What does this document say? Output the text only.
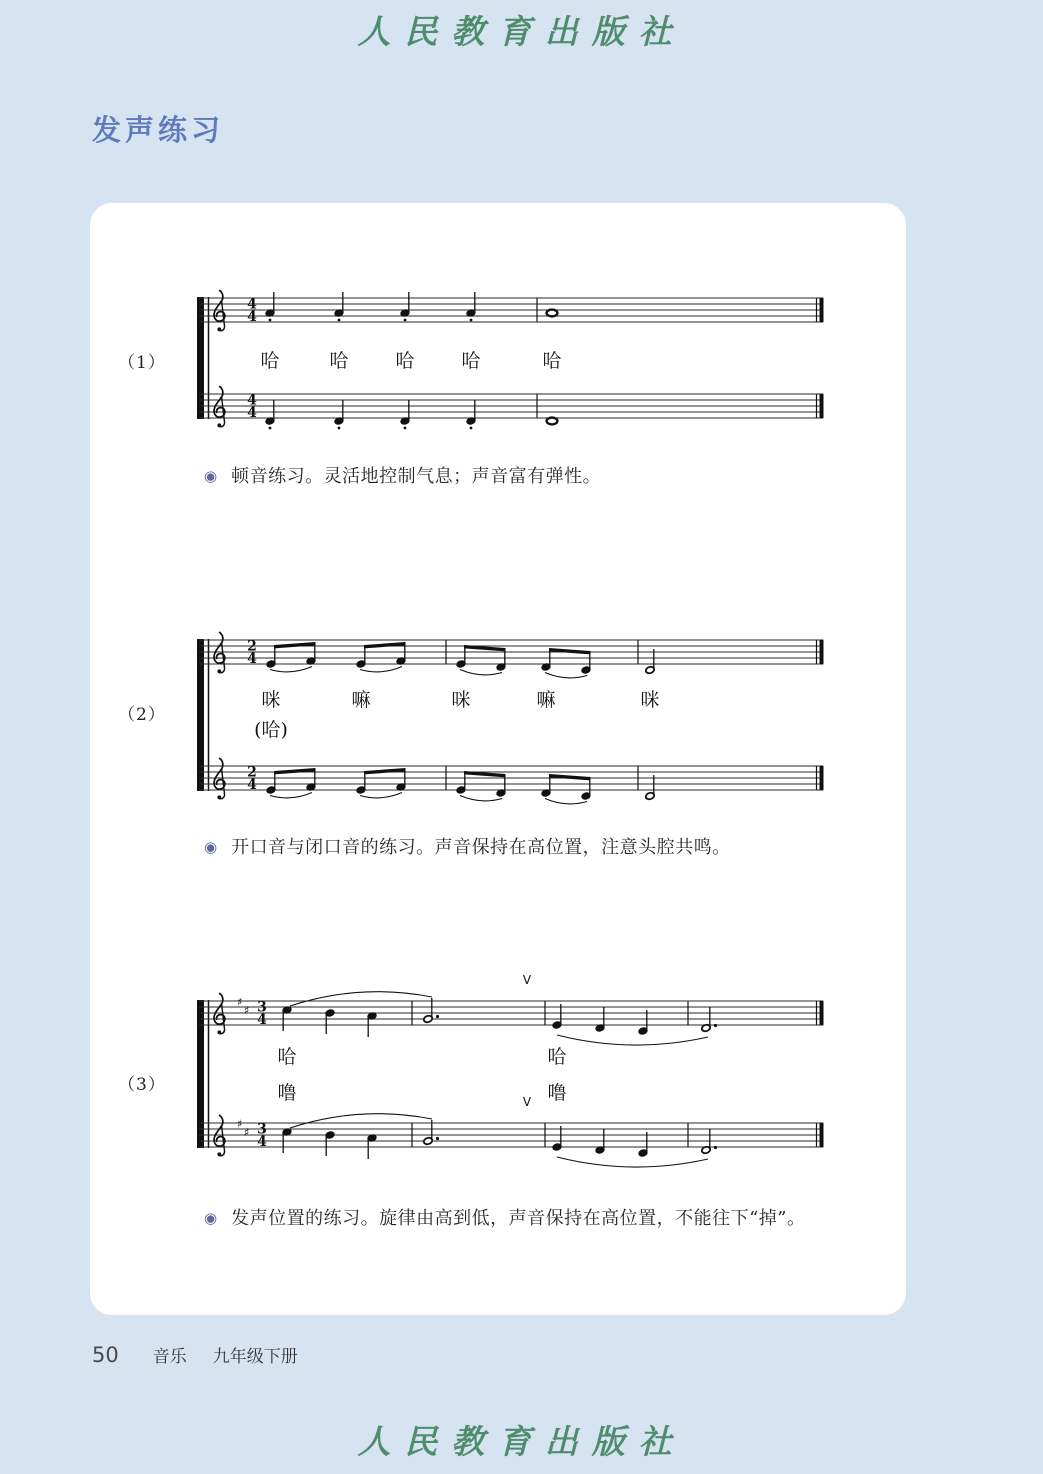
人民教育出版社
发声练习
（1）
（2）
（3）
4
4
4
4
2
4
2
4
♯
♯ 3
4
V
♯
♯ 3
4
V
哈	哈 哈 哈	哈
咪	嘛	咪	嘛	咪
(哈)
哈	哈
噜	噜
◉ 顿音练习。灵活地控制气息；声音富有弹性。
◉ 开口音与闭口音的练习。声音保持在高位置，注意头腔共鸣。
◉ 发声位置的练习。旋律由高到低，声音保持在高位置，不能往下“掉”。
50 音乐 九年级下册
人民教育出版社
